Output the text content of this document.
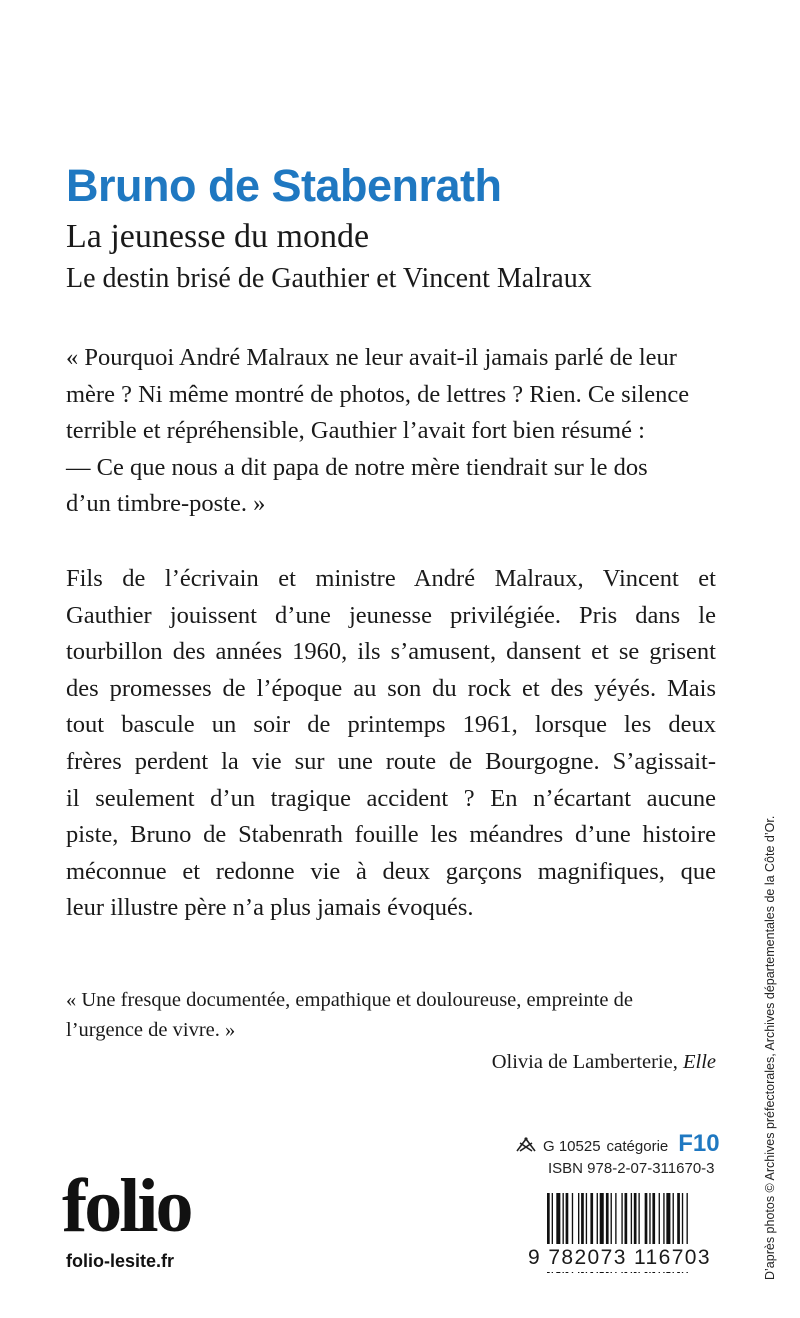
Bruno de Stabenrath
La jeunesse du monde
Le destin brisé de Gauthier et Vincent Malraux
« Pourquoi André Malraux ne leur avait-il jamais parlé de leur
mère ? Ni même montré de photos, de lettres ? Rien. Ce silence
terrible et répréhensible, Gauthier l’avait fort bien résumé :
— Ce que nous a dit papa de notre mère tiendrait sur le dos
d’un timbre-poste. »
Fils de l’écrivain et ministre André Malraux, Vincent et
Gauthier jouissent d’une jeunesse privilégiée. Pris dans le
tourbillon des années 1960, ils s’amusent, dansent et se grisent
des promesses de l’époque au son du rock et des yéyés. Mais
tout bascule un soir de printemps 1961, lorsque les deux
frères perdent la vie sur une route de Bourgogne. S’agissait-
il seulement d’un tragique accident ? En n’écartant aucune
piste, Bruno de Stabenrath fouille les méandres d’une histoire
méconnue et redonne vie à deux garçons magnifiques, que
leur illustre père n’a plus jamais évoqués.
« Une fresque documentée, empathique et douloureuse, empreinte de
l’urgence de vivre. »
Olivia de Lamberterie, Elle
G 10525 catégorie F10
ISBN 978-2-07-311670-3
9 782073 116703
folio
folio-lesite.fr	D’après photos © Archives préfectorales, Archives départementales de la Côte d’Or.
